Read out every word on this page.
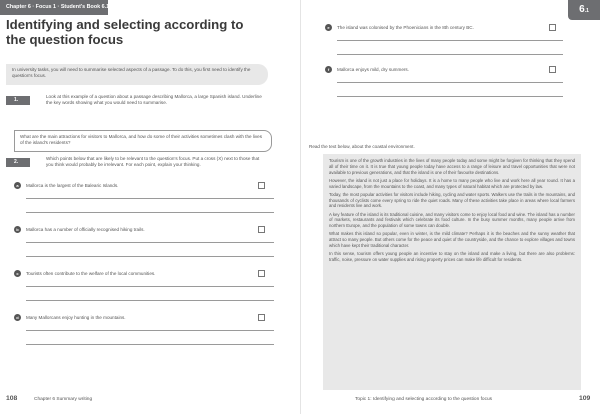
Chapter 6 · Focus 1 · Student's Book 6.1
Identifying and selecting according to the question focus
In university tasks, you will need to summarise selected aspects of a passage. To do this, you first need to identify the question's focus.
1.
Look at this example of a question about a passage describing Mallorca, a large Spanish island. Underline the key words showing what you would need to summarise.
What are the main attractions for visitors to Mallorca, and how do some of their activities sometimes clash with the lives of the island's residents?
2.
Which points below that are likely to be relevant to the question's focus. Put a cross (X) next to those that you think would probably be irrelevant. For each point, explain your thinking.
a	Mallorca is the largest of the Balearic Islands.
b	Mallorca has a number of officially recognised hiking trails.
c	Tourists often contribute to the welfare of the local communities.
d	Many Mallorcans enjoy hunting in the mountains.
108	Chapter 6 Summary writing
6.1
e	The island was colonised by the Phoenicians in the 8th century BC.
f	Mallorca enjoys mild, dry summers.
Read the text below, about the coastal environment.

Tourism is one of the growth industries in the lives of many people today and some might be forgiven for thinking that they spend all of their time on it. It is true that young people today have access to a range of leisure and travel opportunities that were not available to previous generations, and that the island is one of their favourite destinations.

However, the island is not just a place for holidays. It is a home to many people who live and work here all year round. It has a varied landscape, from the mountains to the coast, and many types of natural habitat which are protected by law.

Today, the most popular activities for visitors include hiking, cycling and water sports. Walkers use the trails in the mountains, and thousands of cyclists come every spring to ride the quiet roads. Many of these activities take place in areas where local farmers and residents live and work.

A key feature of the island is its traditional cuisine, and many visitors come to enjoy local food and wine. The island has a number of markets, restaurants and festivals which celebrate its food culture. In the busy summer months, many people arrive from northern Europe, and the population of some towns can double.

What makes this island so popular, even in winter, is the mild climate? Perhaps it is the beaches and the sunny weather that attract so many people. But others come for the peace and quiet of the countryside, and the chance to explore villages and towns which have kept their traditional character.

In this sense, tourism offers young people an incentive to stay on the island and make a living, but there are also problems: traffic, noise, pressure on water supplies and rising property prices can make life difficult for residents.

Topic 1: Identifying and selecting according to the question focus	109
